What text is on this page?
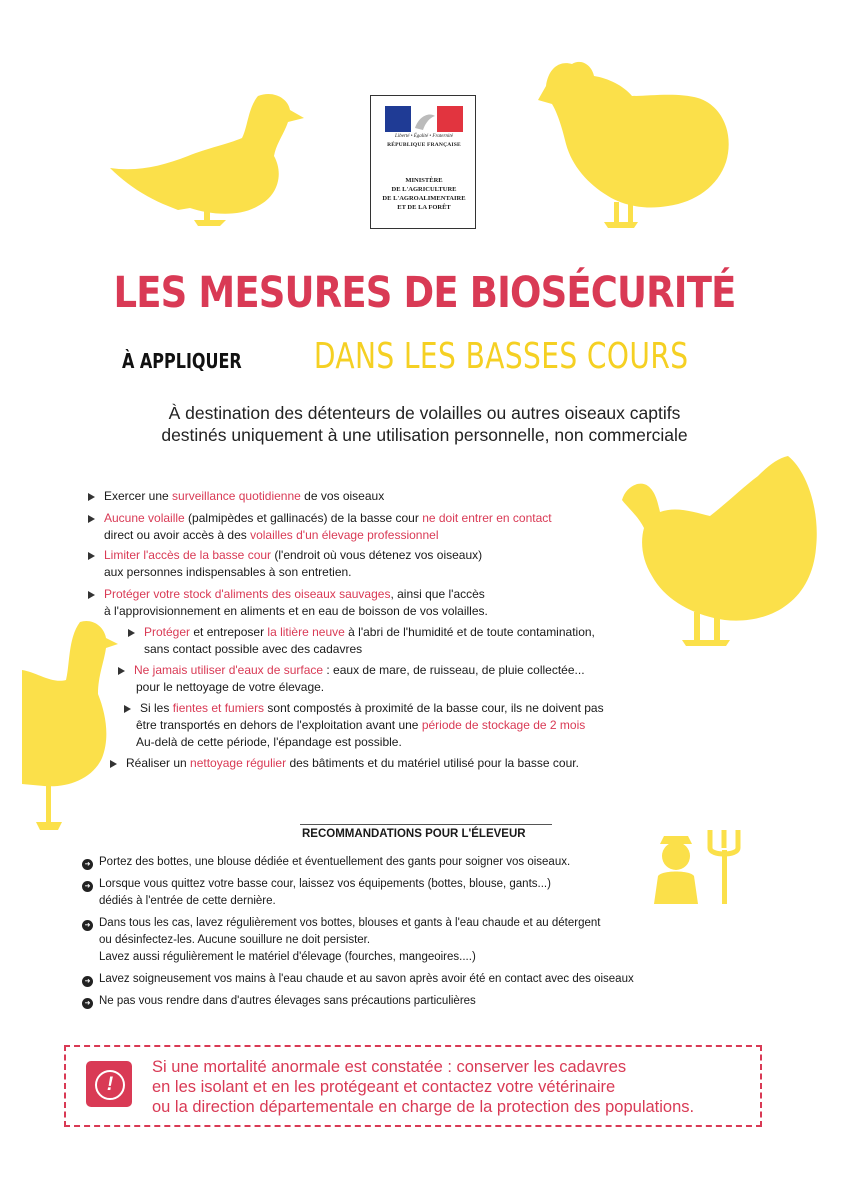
Liberté • Égalité • Fraternité
RÉPUBLIQUE FRANÇAISE
MINISTÈRE
DE L'AGRICULTURE
DE L'AGROALIMENTAIRE
ET DE LA FORÊT
LES MESURES DE BIOSÉCURITÉ
À APPLIQUER DANS LES BASSES COURS
À destination des détenteurs de volailles ou autres oiseaux captifs
destinés uniquement à une utilisation personnelle, non commerciale
Exercer une surveillance quotidienne de vos oiseaux
Aucune volaille (palmipèdes et gallinacés) de la basse cour ne doit entrer en contact
direct ou avoir accès à des volailles d'un élevage professionnel
Limiter l'accès de la basse cour (l'endroit où vous détenez vos oiseaux)
aux personnes indispensables à son entretien.
Protéger votre stock d'aliments des oiseaux sauvages, ainsi que l'accès
à l'approvisionnement en aliments et en eau de boisson de vos volailles.
Protéger et entreposer la litière neuve à l'abri de l'humidité et de toute contamination,
sans contact possible avec des cadavres
Ne jamais utiliser d'eaux de surface : eaux de mare, de ruisseau, de pluie collectée...
pour le nettoyage de votre élevage.
Si les fientes et fumiers sont compostés à proximité de la basse cour, ils ne doivent pas
être transportés en dehors de l'exploitation avant une période de stockage de 2 mois
Au-delà de cette période, l'épandage est possible.
Réaliser un nettoyage régulier des bâtiments et du matériel utilisé pour la basse cour.
RECOMMANDATIONS POUR L'ÉLEVEUR
➜ Portez des bottes, une blouse dédiée et éventuellement des gants pour soigner vos oiseaux.
➜ Lorsque vous quittez votre basse cour, laissez vos équipements (bottes, blouse, gants...)
dédiés à l'entrée de cette dernière.
➜ Dans tous les cas, lavez régulièrement vos bottes, blouses et gants à l'eau chaude et au détergent
ou désinfectez-les. Aucune souillure ne doit persister.
Lavez aussi régulièrement le matériel d'élevage (fourches, mangeoires....)
➜ Lavez soigneusement vos mains à l'eau chaude et au savon après avoir été en contact avec des oiseaux
➜ Ne pas vous rendre dans d'autres élevages sans précautions particulières
!
Si une mortalité anormale est constatée : conserver les cadavres
en les isolant et en les protégeant et contactez votre vétérinaire
ou la direction départementale en charge de la protection des populations.
